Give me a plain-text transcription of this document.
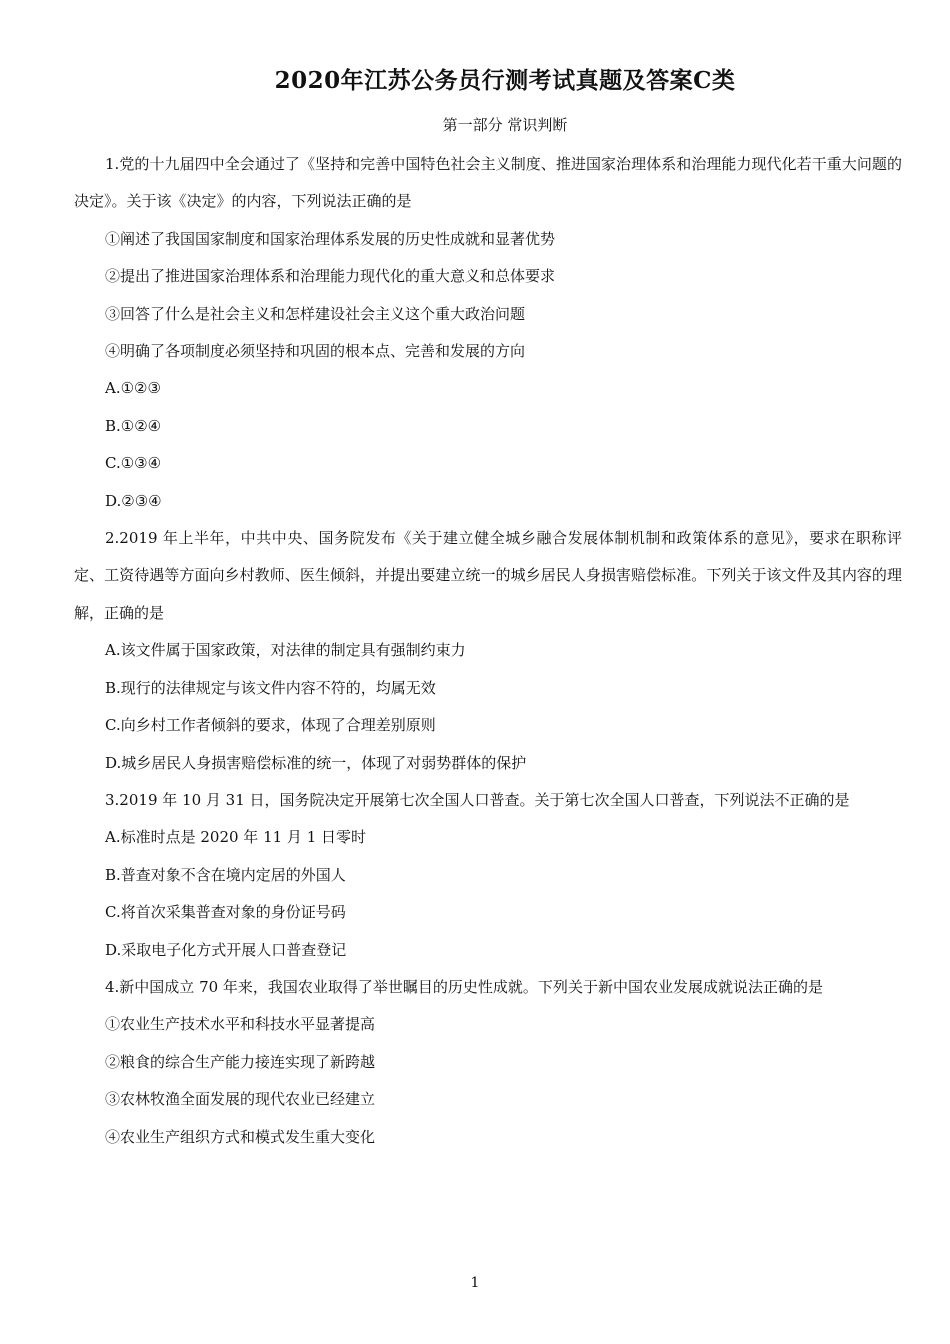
2020年江苏公务员行测考试真题及答案C类
第一部分 常识判断

1.党的十九届四中全会通过了《坚持和完善中国特色社会主义制度、推进国家治理体系和治理能力现代化若干重大问题的决定》。关于该《决定》的内容，下列说法正确的是

①阐述了我国国家制度和国家治理体系发展的历史性成就和显著优势

②提出了推进国家治理体系和治理能力现代化的重大意义和总体要求

③回答了什么是社会主义和怎样建设社会主义这个重大政治问题

④明确了各项制度必须坚持和巩固的根本点、完善和发展的方向

A.①②③

B.①②④

C.①③④

D.②③④

2.2019 年上半年，中共中央、国务院发布《关于建立健全城乡融合发展体制机制和政策体系的意见》，要求在职称评定、工资待遇等方面向乡村教师、医生倾斜，并提出要建立统一的城乡居民人身损害赔偿标准。下列关于该文件及其内容的理解，正确的是

A.该文件属于国家政策，对法律的制定具有强制约束力

B.现行的法律规定与该文件内容不符的，均属无效

C.向乡村工作者倾斜的要求，体现了合理差别原则

D.城乡居民人身损害赔偿标准的统一，体现了对弱势群体的保护

3.2019 年 10 月 31 日，国务院决定开展第七次全国人口普查。关于第七次全国人口普查，下列说法不正确的是

A.标准时点是 2020 年 11 月 1 日零时

B.普查对象不含在境内定居的外国人

C.将首次采集普查对象的身份证号码

D.采取电子化方式开展人口普查登记

4.新中国成立 70 年来，我国农业取得了举世瞩目的历史性成就。下列关于新中国农业发展成就说法正确的是

①农业生产技术水平和科技水平显著提高

②粮食的综合生产能力接连实现了新跨越

③农林牧渔全面发展的现代农业已经建立

④农业生产组织方式和模式发生重大变化

1
